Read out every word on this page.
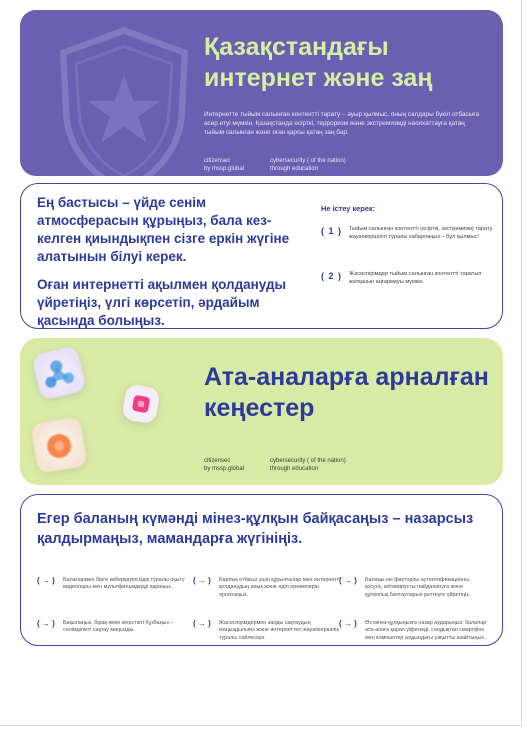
Қазақстандағы интернет және заң

Интернетте тыйым салынған контентті тарату – ауыр қылмыс, оның салдары бүкіл отбасыға әсер етуі мүмкін. Қазақстанда есірткі, терроризм және экстремизмді насихаттауға қатаң тыйым салынған және оған қарсы қатаң заң бар.

citizensec
by mssp.global
cybersecurity ( of the nation)
through education

Ең бастысы – үйде сенім атмосферасын құрыңыз, бала кез-келген қиындықпен сізге еркін жүгіне алатынын білуі керек.

Оған интернетті ақылмен қолдануды үйретіңіз, үлгі көрсетіп, әрдайым қасында болыңыз.

Не істеу керек:
( 1 ) Тыйым салынған контентті (есірткі, экстремизм) тарату жауапкершілігі туралы хабарлаңыз – бұл қылмыс!
( 2 ) Жасөспірімдер тыйым салынған контентті таратып жатқанын аңғармауы мүмкін
Ата-аналарға арналған кеңестер
citizensec
by mssp.global
cybersecurity ( of the nation)
through education
Егер баланың күмәнді мінез-құлқын байқасаңыз – назарсыз қалдырмаңыз, мамандарға жүгініңіз.
( → ) Балалармен бірге киберқауіпсіздік туралы оқыту видеолары мен мультфильмдерді қараңыз.
( → ) Барлық отбасы үшін құрылғылар мен интернетті қолданудың анық және әділ ережелерін орнатыңыз.
( → ) Балаңы екі факторлы аутентификацияны қосуға, антивирусты пайдалануға және құпиялық баптауларын реттеуге үйретіңіз.
( → ) Бақылаңыз, бірақ жеке кеңістікті бұзбаңыз – сенімділікті сақтау маңызды.
( → ) Жасөспірімдермен заңды сақтаудың маңыздылығы және интернеттегі жауапкершілік туралы сөйлесіңіз.
( → ) Өз мінез-құлқыңызға назар аударыңыз: балалар ата-анаға қарап үйренеді, сондықтан смартфон мен компьютер алдындағы уақытты азайтыңыз.
